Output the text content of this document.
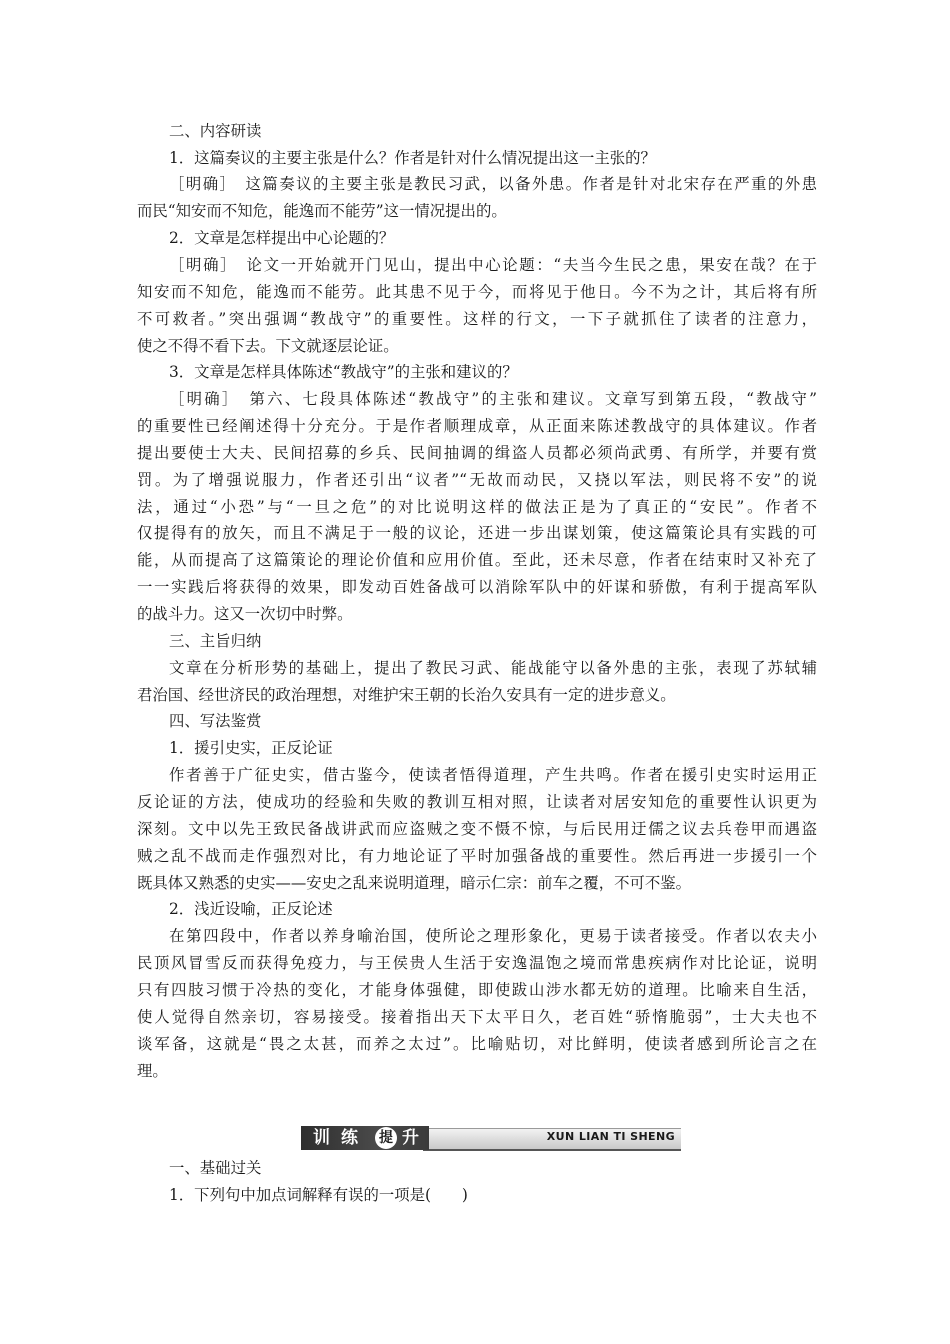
二、内容研读
1．这篇奏议的主要主张是什么？作者是针对什么情况提出这一主张的？
［明确］　这篇奏议的主要主张是教民习武，以备外患。作者是针对北宋存在严重的外患
而民“知安而不知危，能逸而不能劳”这一情况提出的。
2．文章是怎样提出中心论题的？
［明确］　论文一开始就开门见山，提出中心论题：“夫当今生民之患，果安在哉？在于
知安而不知危，能逸而不能劳。此其患不见于今，而将见于他日。今不为之计，其后将有所
不可救者。”突出强调“教战守”的重要性。这样的行文，一下子就抓住了读者的注意力，
使之不得不看下去。下文就逐层论证。
3．文章是怎样具体陈述“教战守”的主张和建议的？
［明确］　第六、七段具体陈述“教战守”的主张和建议。文章写到第五段，“教战守”
的重要性已经阐述得十分充分。于是作者顺理成章，从正面来陈述教战守的具体建议。作者
提出要使士大夫、民间招募的乡兵、民间抽调的缉盗人员都必须尚武勇、有所学，并要有赏
罚。为了增强说服力，作者还引出“议者”“无故而动民，又挠以军法，则民将不安”的说
法，通过“小恐”与“一旦之危”的对比说明这样的做法正是为了真正的“安民”。作者不
仅提得有的放矢，而且不满足于一般的议论，还进一步出谋划策，使这篇策论具有实践的可
能，从而提高了这篇策论的理论价值和应用价值。至此，还未尽意，作者在结束时又补充了
一一实践后将获得的效果，即发动百姓备战可以消除军队中的奸谋和骄傲，有利于提高军队
的战斗力。这又一次切中时弊。
三、主旨归纳
文章在分析形势的基础上，提出了教民习武、能战能守以备外患的主张，表现了苏轼辅
君治国、经世济民的政治理想，对维护宋王朝的长治久安具有一定的进步意义。
四、写法鉴赏
1．援引史实，正反论证
作者善于广征史实，借古鉴今，使读者悟得道理，产生共鸣。作者在援引史实时运用正
反论证的方法，使成功的经验和失败的教训互相对照，让读者对居安知危的重要性认识更为
深刻。文中以先王致民备战讲武而应盗贼之变不慑不惊，与后民用迂儒之议去兵卷甲而遇盗
贼之乱不战而走作强烈对比，有力地论证了平时加强备战的重要性。然后再进一步援引一个
既具体又熟悉的史实——安史之乱来说明道理，暗示仁宗：前车之覆，不可不鉴。
2．浅近设喻，正反论述
在第四段中，作者以养身喻治国，使所论之理形象化，更易于读者接受。作者以农夫小
民顶风冒雪反而获得免疫力，与王侯贵人生活于安逸温饱之境而常患疾病作对比论证，说明
只有四肢习惯于冷热的变化，才能身体强健，即使跋山涉水都无妨的道理。比喻来自生活，
使人觉得自然亲切，容易接受。接着指出天下太平日久，老百姓“骄惰脆弱”，士大夫也不
谈军备，这就是“畏之太甚，而养之太过”。比喻贴切，对比鲜明，使读者感到所论言之在
理。
训 练 提 升	XUN LIAN TI SHENG
一、基础过关
1．下列句中加点词解释有误的一项是(　　)
